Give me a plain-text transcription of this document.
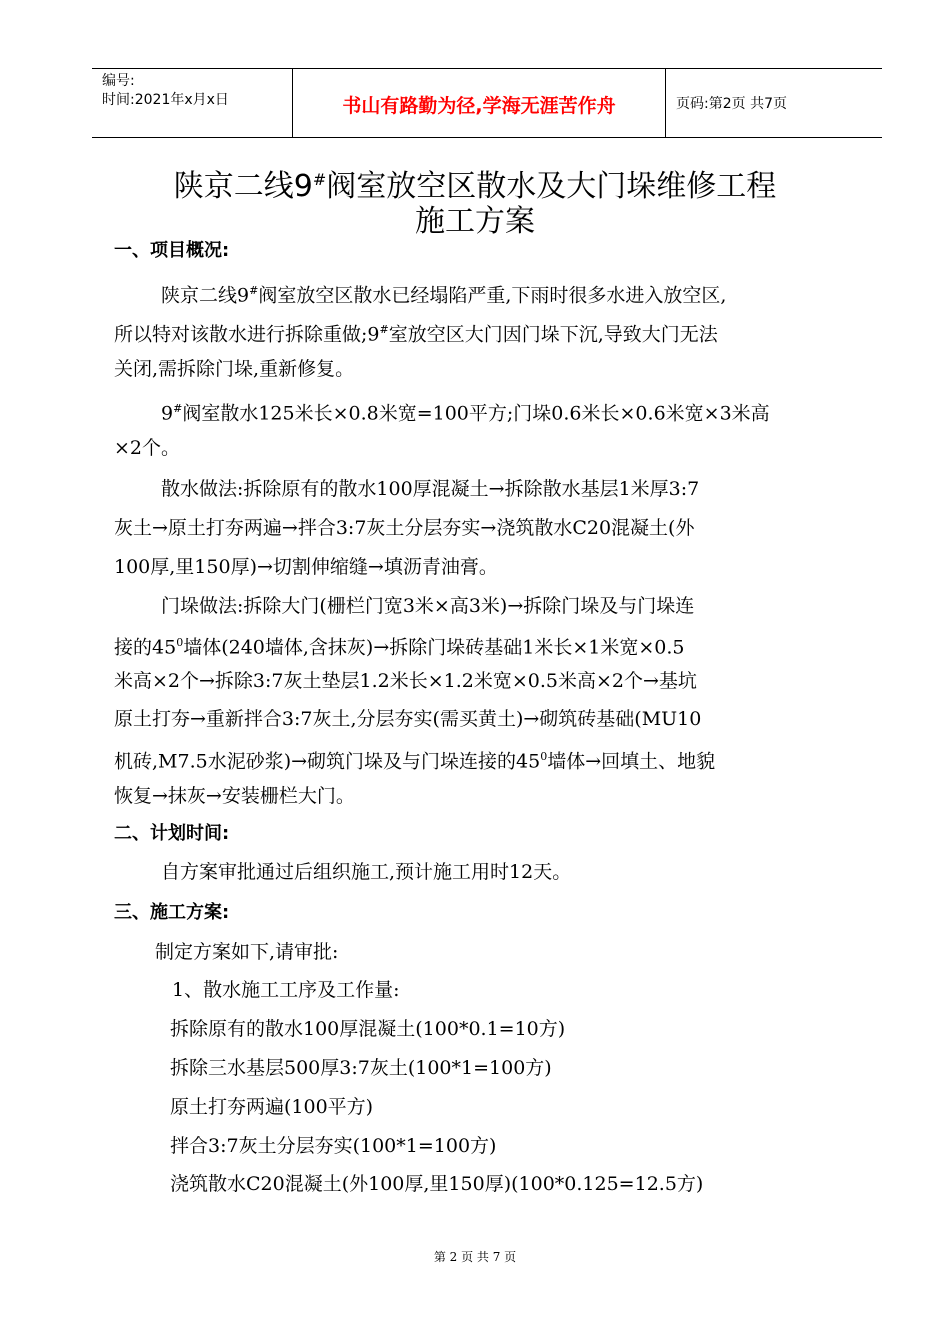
编号:
时间:2021年x月x日	书山有路勤为径,学海无涯苦作舟	页码:第2页 共7页
陕京二线9#阀室放空区散水及大门垛维修工程
施工方案
一、项目概况:
陕京二线9#阀室放空区散水已经塌陷严重,下雨时很多水进入放空区,
所以特对该散水进行拆除重做;9#室放空区大门因门垛下沉,导致大门无法
关闭,需拆除门垛,重新修复。
9#阀室散水125米长×0.8米宽=100平方;门垛0.6米长×0.6米宽×3米高
×2个。
散水做法:拆除原有的散水100厚混凝土→拆除散水基层1米厚3:7
灰土→原土打夯两遍→拌合3:7灰土分层夯实→浇筑散水C20混凝土(外
100厚,里150厚)→切割伸缩缝→填沥青油膏。
门垛做法:拆除大门(栅栏门宽3米×高3米)→拆除门垛及与门垛连
接的$45^0$墙体(240墙体,含抹灰)→拆除门垛砖基础1米长×1米宽×0.5
米高×2个→拆除3:7灰土垫层1.2米长×1.2米宽×0.5米高×2个→基坑
原土打夯→重新拌合3:7灰土,分层夯实(需买黄土)→砌筑砖基础(MU10
机砖,M7.5水泥砂浆)→砌筑门垛及与门垛连接的$45^0$墙体→回填土、地貌
恢复→抹灰→安装栅栏大门。
二、计划时间:
自方案审批通过后组织施工,预计施工用时12天。
三、施工方案:
制定方案如下,请审批:
1、散水施工工序及工作量:
拆除原有的散水100厚混凝土(100*0.1=10方)
拆除三水基层500厚3:7灰土(100*1=100方)
原土打夯两遍(100平方)
拌合3:7灰土分层夯实(100*1=100方)
浇筑散水C20混凝土(外100厚,里150厚)(100*0.125=12.5方)
第 2 页 共 7 页
